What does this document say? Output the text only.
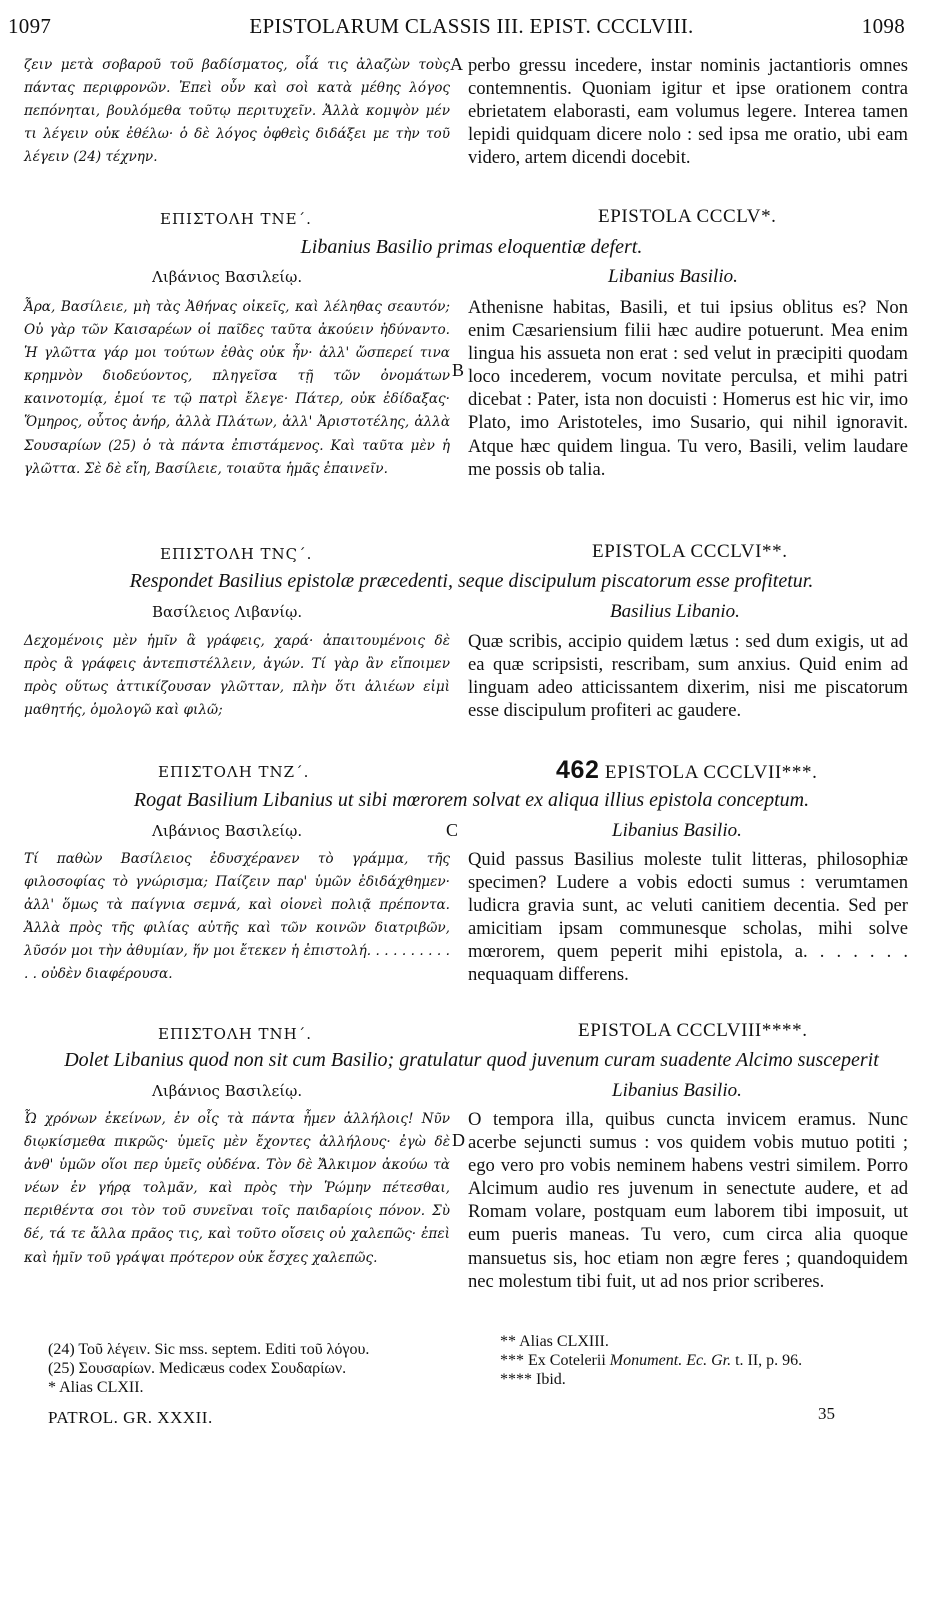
1097	EPISTOLARUM CLASSIS III. EPIST. CCCLVIII.	1098
ζειν μετὰ σοβαροῦ τοῦ βαδίσματος, οἷά τις ἀλαζὼν τοὺς πάντας περιφρονῶν. Ἐπεὶ οὖν καὶ σοὶ κατὰ μέθης λόγος πεπόνηται, βουλόμεθα τοῦτῳ περιτυχεῖν. Ἀλλὰ κομψὸν μέν τι λέγειν οὐκ ἐθέλω· ὁ δὲ λόγος ὀφθεὶς διδάξει με τὴν τοῦ λέγειν (24) τέχνην.
perbo gressu incedere, instar nominis jactantioris omnes contemnentis. Quoniam igitur et ipse orationem contra ebrietatem elaborasti, eam volumus legere. Interea tamen lepidi quidquam dicere nolo : sed ipsa me oratio, ubi eam videro, artem dicendi docebit.
A
ΕΠΙΣΤΟΛΗ ΤΝΕ΄.	EPISTOLA CCCLV*.
Libanius Basilio primas eloquentiæ defert.
Λιβάνιος Βασιλείῳ.	Libanius Basilio.
Ἆρα, Βασίλειε, μὴ τὰς Ἀθήνας οἰκεῖς, καὶ λέληθας σεαυτόν; Οὐ γὰρ τῶν Καισαρέων οἱ παῖδες ταῦτα ἀκούειν ἠδύναντο. Ἡ γλῶττα γάρ μοι τούτων ἐθὰς οὐκ ἦν· ἀλλ' ὥσπερεί τινα κρημνὸν διοδεύοντος, πληγεῖσα τῇ τῶν ὀνομάτων καινοτομίᾳ, ἐμοί τε τῷ πατρὶ ἔλεγε· Πάτερ, οὐκ ἐδίδαξας· Ὅμηρος, οὗτος ἀνήρ, ἀλλὰ Πλάτων, ἀλλ' Ἀριστοτέλης, ἀλλὰ Σουσαρίων (25) ὁ τὰ πάντα ἐπιστάμενος. Καὶ ταῦτα μὲν ἡ γλῶττα. Σὲ δὲ εἴη, Βασίλειε, τοιαῦτα ἡμᾶς ἐπαινεῖν.
Athenisne habitas, Basili, et tui ipsius oblitus es? Non enim Cæsariensium filii hæc audire potuerunt. Mea enim lingua his assueta non erat : sed velut in præcipiti quodam loco incederem, vocum novitate perculsa, et mihi patri dicebat : Pater, ista non docuisti : Homerus est hic vir, imo Plato, imo Aristoteles, imo Susario, qui nihil ignoravit. Atque hæc quidem lingua. Tu vero, Basili, velim laudare me possis ob talia.
B
ΕΠΙΣΤΟΛΗ ΤΝϚ΄.	EPISTOLA CCCLVI**.
Respondet Basilius epistolæ præcedenti, seque discipulum piscatorum esse profitetur.
Βασίλειος Λιβανίῳ.	Basilius Libanio.
Δεχομένοις μὲν ἡμῖν ἃ γράφεις, χαρά· ἀπαιτουμένοις δὲ πρὸς ἃ γράφεις ἀντεπιστέλλειν, ἀγών. Τί γὰρ ἂν εἴποιμεν πρὸς οὕτως ἀττικίζουσαν γλῶτταν, πλὴν ὅτι ἁλιέων εἰμὶ μαθητής, ὁμολογῶ καὶ φιλῶ;
Quæ scribis, accipio quidem lætus : sed dum exigis, ut ad ea quæ scripsisti, rescribam, sum anxius. Quid enim ad linguam adeo atticissantem dixerim, nisi me piscatorum esse discipulum profiteri ac gaudere.
ΕΠΙΣΤΟΛΗ ΤΝΖ΄.	462 EPISTOLA CCCLVII***.
Rogat Basilium Libanius ut sibi mœrorem solvat ex aliqua illius epistola conceptum.
Λιβάνιος Βασιλείῳ.	C	Libanius Basilio.
Τί παθὼν Βασίλειος ἐδυσχέρανεν τὸ γράμμα, τῆς φιλοσοφίας τὸ γνώρισμα; Παίζειν παρ' ὑμῶν ἐδιδάχθημεν· ἀλλ' ὅμως τὰ παίγνια σεμνά, καὶ οἱονεὶ πολιᾷ πρέποντα. Ἀλλὰ πρὸς τῆς φιλίας αὐτῆς καὶ τῶν κοινῶν διατριβῶν, λῦσόν μοι τὴν ἀθυμίαν, ἥν μοι ἔτεκεν ἡ ἐπιστολή. . . . . . . . . . . . οὐδὲν διαφέρουσα.
Quid passus Basilius moleste tulit litteras, philosophiæ specimen? Ludere a vobis edocti sumus : verumtamen ludicra gravia sunt, ac veluti canitiem decentia. Sed per amicitiam ipsam communesque scholas, mihi solve mœrorem, quem peperit mihi epistola, a. . . . . . . nequaquam differens.
ΕΠΙΣΤΟΛΗ ΤΝΗ΄.	EPISTOLA CCCLVIII****.
Dolet Libanius quod non sit cum Basilio; gratulatur quod juvenum curam suadente Alcimo susceperit
Λιβάνιος Βασιλείῳ.	Libanius Basilio.
Ὦ χρόνων ἐκείνων, ἐν οἷς τὰ πάντα ἦμεν ἀλλήλοις! Νῦν διῳκίσμεθα πικρῶς· ὑμεῖς μὲν ἔχοντες ἀλλήλους· ἐγὼ δὲ ἀνθ' ὑμῶν οἵοι περ ὑμεῖς οὐδένα. Τὸν δὲ Ἄλκιμον ἀκούω τὰ νέων ἐν γήρᾳ τολμᾶν, καὶ πρὸς τὴν Ῥώμην πέτεσθαι, περιθέντα σοι τὸν τοῦ συνεῖναι τοῖς παιδαρίοις πόνον. Σὺ δέ, τά τε ἄλλα πρᾶος τις, καὶ τοῦτο οἴσεις οὐ χαλεπῶς· ἐπεὶ καὶ ἡμῖν τοῦ γράψαι πρότερον οὐκ ἔσχες χαλεπῶς.
O tempora illa, quibus cuncta invicem eramus. Nunc acerbe sejuncti sumus : vos quidem vobis mutuo potiti ; ego vero pro vobis neminem habens vestri similem. Porro Alcimum audio res juvenum in senectute audere, et ad Romam volare, postquam eum laborem tibi imposuit, ut eum pueris maneas. Tu vero, cum circa alia quoque mansuetus sis, hoc etiam non ægre feres ; quandoquidem nec molestum tibi fuit, ut ad nos prior scriberes.
D
(24) Τοῦ λέγειν. Sic mss. septem. Editi τοῦ λόγου.
(25) Σουσαρίων. Medicæus codex Σουδαρίων.
* Alias CLXII.
** Alias CLXIII.
*** Ex Cotelerii Monument. Ec. Gr. t. II, p. 96.
**** Ibid.
PATROL. GR. XXXII.	35
